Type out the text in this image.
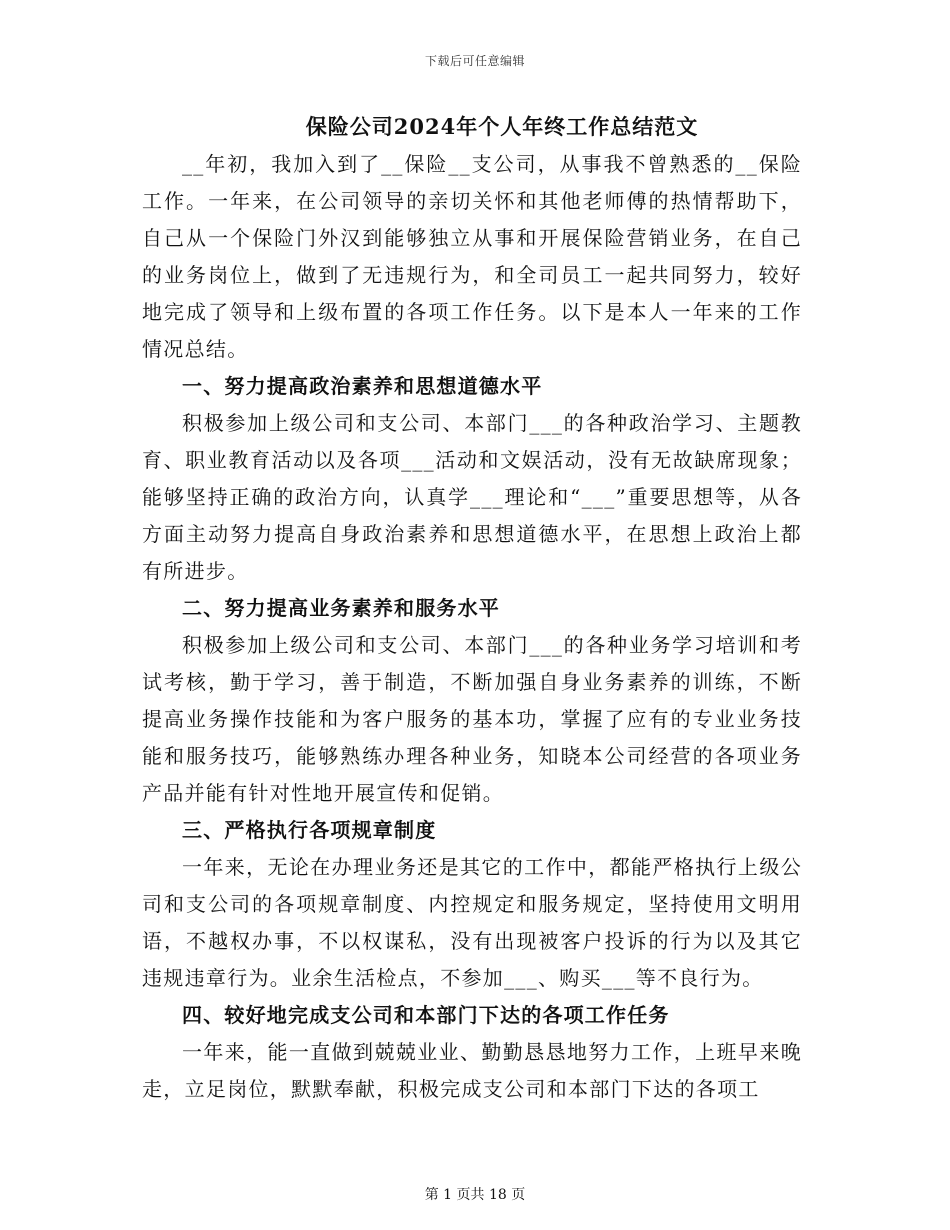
下载后可任意编辑
保险公司2024年个人年终工作总结范文

__年初，我加入到了__保险__支公司，从事我不曾熟悉的__保险工作。一年来，在公司领导的亲切关怀和其他老师傅的热情帮助下，自己从一个保险门外汉到能够独立从事和开展保险营销业务，在自己的业务岗位上，做到了无违规行为，和全司员工一起共同努力，较好地完成了领导和上级布置的各项工作任务。以下是本人一年来的工作情况总结。

一、努力提高政治素养和思想道德水平

积极参加上级公司和支公司、本部门___的各种政治学习、主题教育、职业教育活动以及各项___活动和文娱活动，没有无故缺席现象；能够坚持正确的政治方向，认真学___理论和“___”重要思想等，从各方面主动努力提高自身政治素养和思想道德水平，在思想上政治上都有所进步。

二、努力提高业务素养和服务水平

积极参加上级公司和支公司、本部门___的各种业务学习培训和考试考核，勤于学习，善于制造，不断加强自身业务素养的训练，不断提高业务操作技能和为客户服务的基本功，掌握了应有的专业业务技能和服务技巧，能够熟练办理各种业务，知晓本公司经营的各项业务产品并能有针对性地开展宣传和促销。

三、严格执行各项规章制度

一年来，无论在办理业务还是其它的工作中，都能严格执行上级公司和支公司的各项规章制度、内控规定和服务规定，坚持使用文明用语，不越权办事，不以权谋私，没有出现被客户投诉的行为以及其它违规违章行为。业余生活检点，不参加___、购买___等不良行为。

四、较好地完成支公司和本部门下达的各项工作任务

一年来，能一直做到兢兢业业、勤勤恳恳地努力工作，上班早来晚走，立足岗位，默默奉献，积极完成支公司和本部门下达的各项工

第 1 页共 18 页
